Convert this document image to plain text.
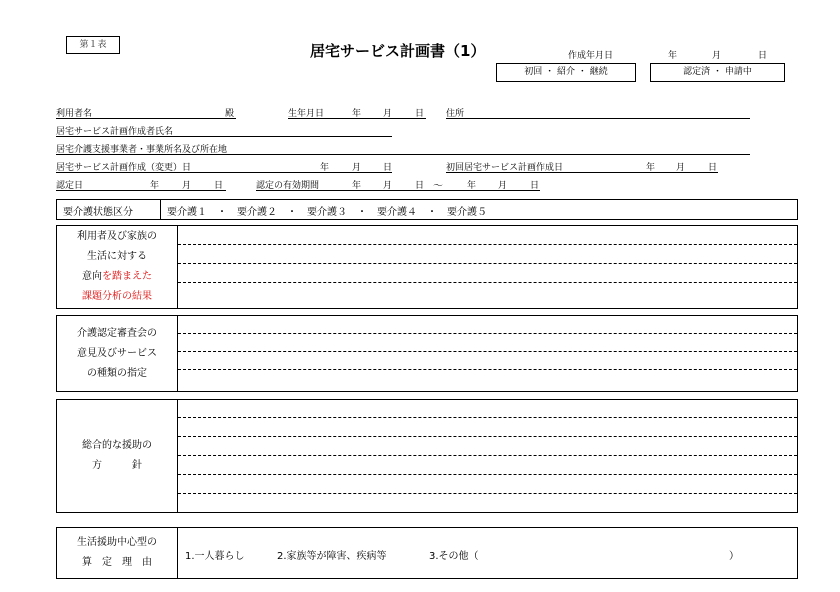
第１表	居宅サービス計画書（1）	作成年月日	年	月	日
初回 ・ 紹介 ・ 継続	認定済 ・ 申請中
利用者名	殿	生年月日	年 月	日 住所
居宅サービス計画作成者氏名
居宅介護支援事業者・事業所名及び所在地
居宅サービス計画作成（変更）日	年	月 日	初回居宅サービス計画作成日	年 月	日
認定日	年	月	日	認定の有効期間	年 月	日 ～	年 月	日
要介護状態区分	要介護１　・　要介護２　・　要介護３　・　要介護４　・　要介護５
利用者及び家族の
生活に対する
意向を踏まえた
課題分析の結果
介護認定審査会の
意見及びサービス
の種類の指定
総合的な援助の
方　　　針
生活援助中心型の
算　定　理　由
1.一人暮らし	2.家族等が障害、疾病等	3.その他（	）
